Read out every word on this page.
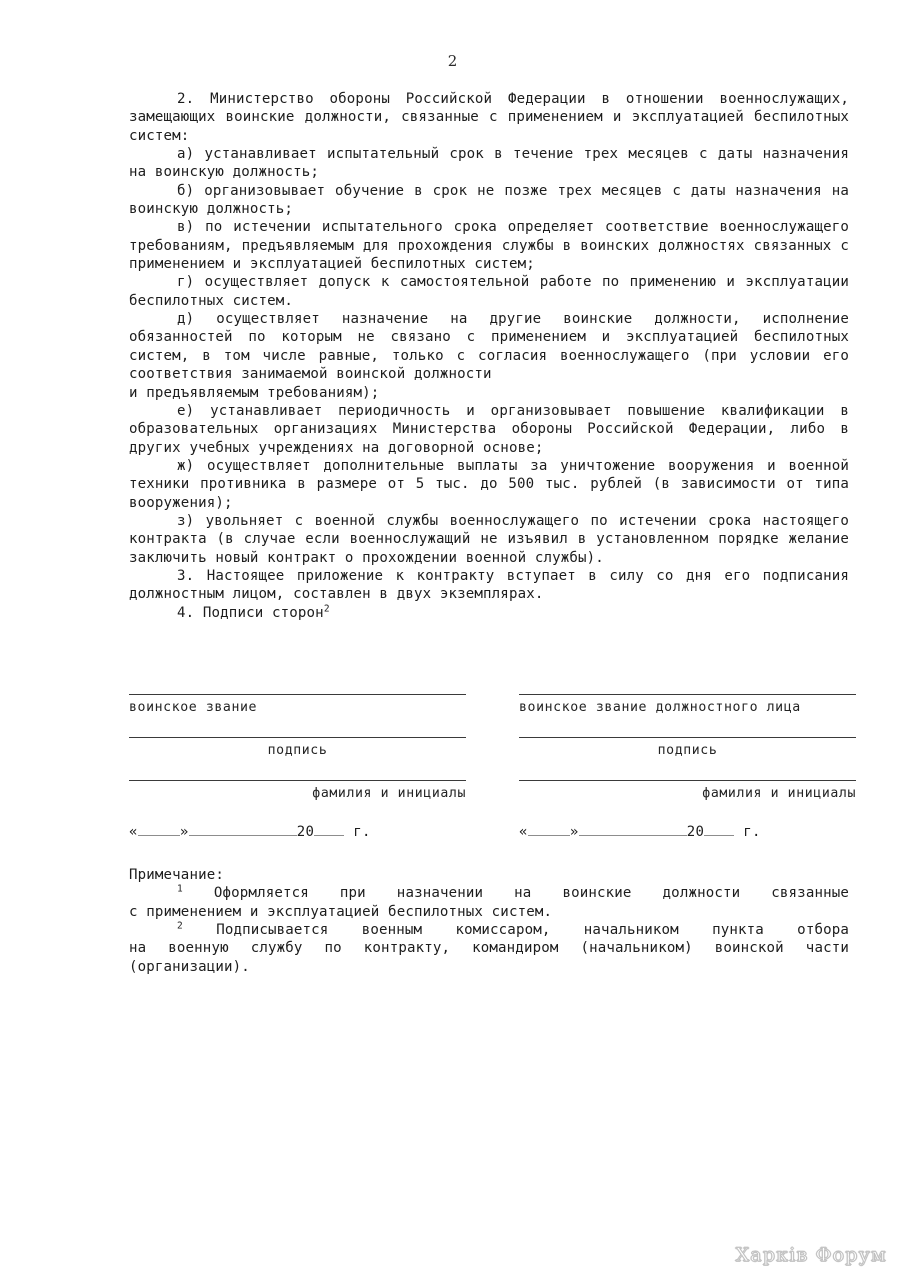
2

2. Министерство обороны Российской Федерации в отношении военнослужащих, замещающих воинские должности, связанные с применением и эксплуатацией беспилотных систем:

а) устанавливает испытательный срок в течение трех месяцев с даты назначения на воинскую должность;

б) организовывает обучение в срок не позже трех месяцев с даты назначения на воинскую должность;

в) по истечении испытательного срока определяет соответствие военнослужащего требованиям, предъявляемым для прохождения службы в воинских должностях связанных с применением и эксплуатацией беспилотных систем;

г) осуществляет допуск к самостоятельной работе по применению и эксплуатации беспилотных систем.

д) осуществляет назначение на другие воинские должности, исполнение обязанностей по которым не связано с применением и эксплуатацией беспилотных систем, в том числе равные, только с согласия военнослужащего (при условии его соответствия занимаемой воинской должности

и предъявляемым требованиям);

е) устанавливает периодичность и организовывает повышение квалификации в образовательных организациях Министерства обороны Российской Федерации, либо в других учебных учреждениях на договорной основе;

ж) осуществляет дополнительные выплаты за уничтожение вооружения и военной техники противника в размере от 5 тыс. до 500 тыс. рублей (в зависимости от типа вооружения);

з) увольняет с военной службы военнослужащего по истечении срока настоящего контракта (в случае если военнослужащий не изъявил в установленном порядке желание заключить новый контракт о прохождении военной службы).

3. Настоящее приложение к контракту вступает в силу со дня его подписания должностным лицом, составлен в двух экземплярах.

4. Подписи сторон$^2$

воинское звание	воинское звание должностного лица
подпись	подпись
фамилия и инициалы	фамилия и инициалы
«	»	20	г.	«	»	20	г.

Примечание:

$^1$ Оформляется при назначении на воинские должности связанные

с применением и эксплуатацией беспилотных систем.

$^2$ Подписывается военным комиссаром, начальником пункта отбора

на военную службу по контракту, командиром (начальником) воинской части

(организации).

Харків Форум
